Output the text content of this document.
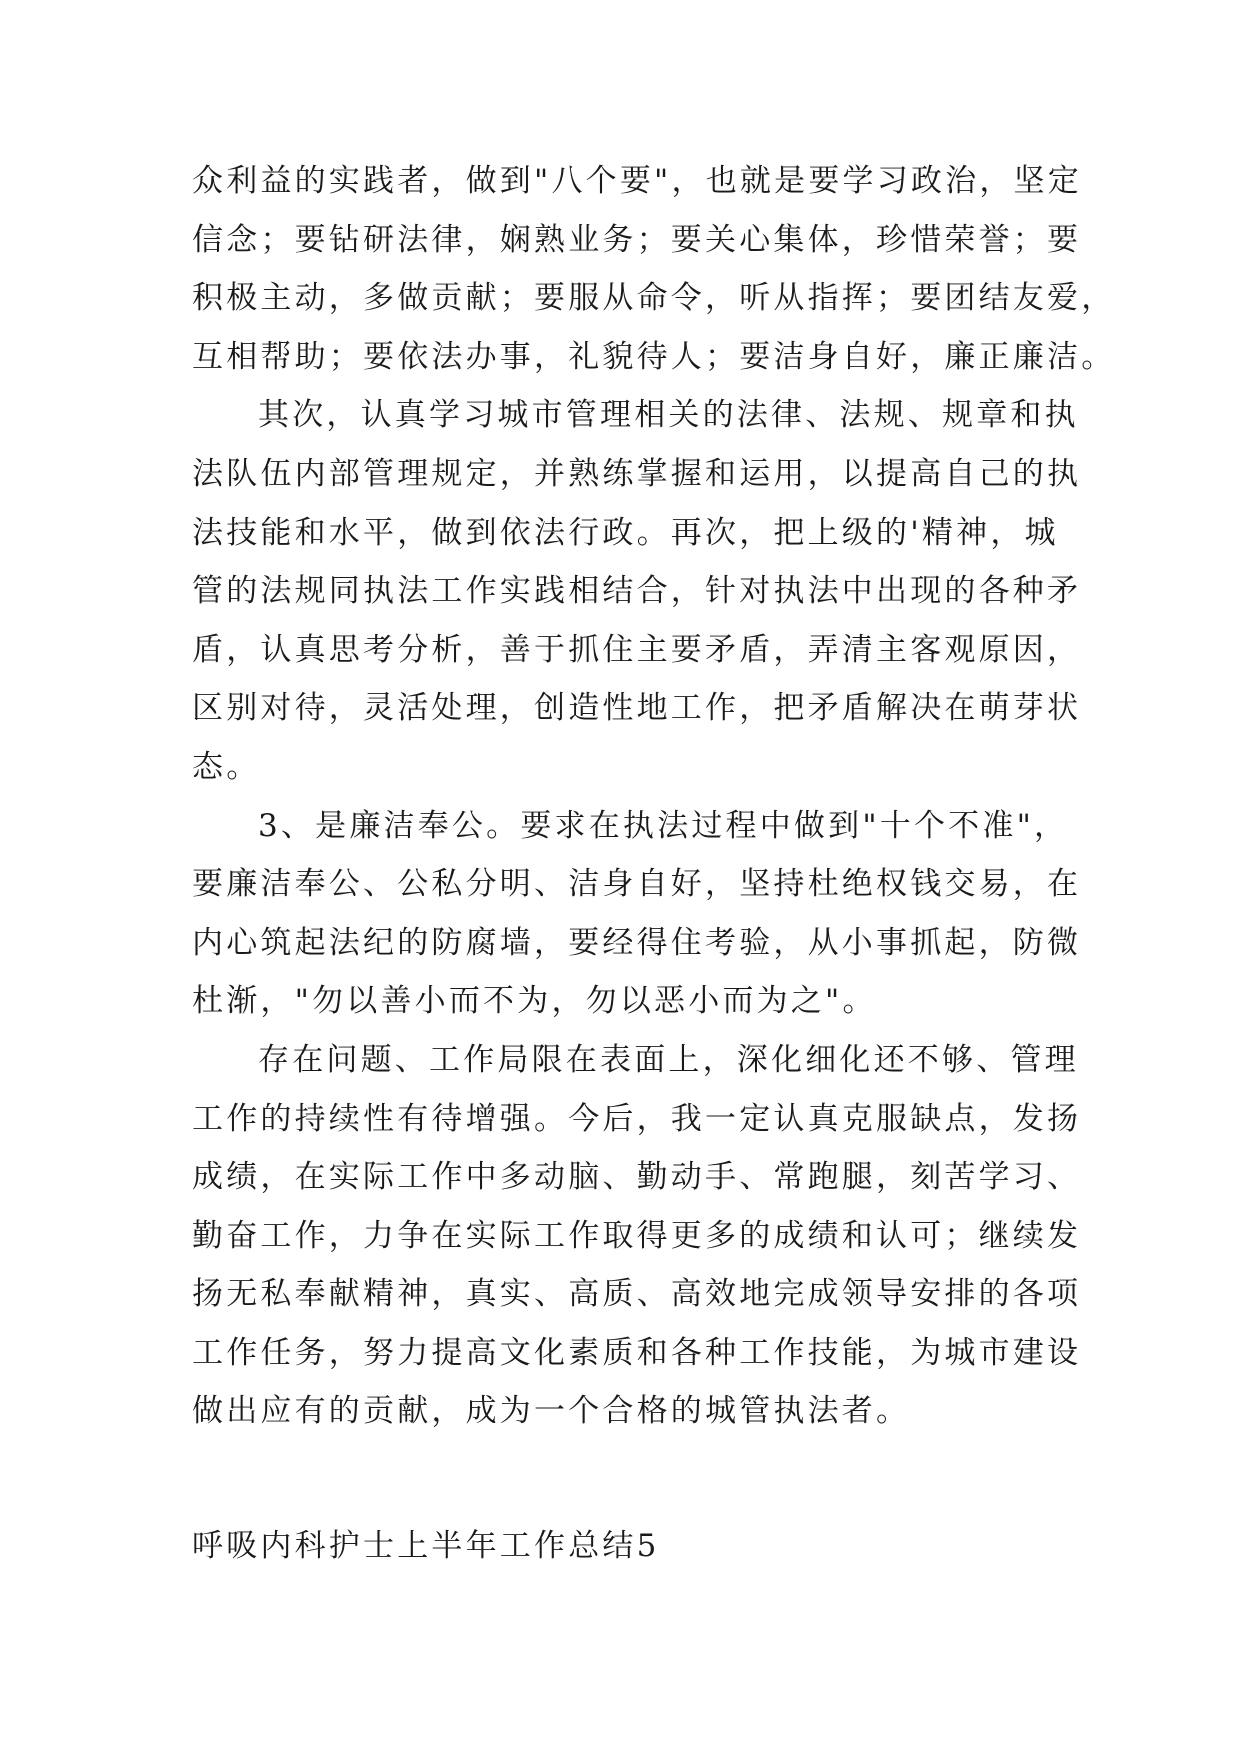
众利益的实践者，做到"八个要"，也就是要学习政治，坚定
信念；要钻研法律，娴熟业务；要关心集体，珍惜荣誉；要
积极主动，多做贡献；要服从命令，听从指挥；要团结友爱，
互相帮助；要依法办事，礼貌待人；要洁身自好，廉正廉洁。
其次，认真学习城市管理相关的法律、法规、规章和执
法队伍内部管理规定，并熟练掌握和运用，以提高自己的执
法技能和水平，做到依法行政。再次，把上级的'精神，城
管的法规同执法工作实践相结合，针对执法中出现的各种矛
盾，认真思考分析，善于抓住主要矛盾，弄清主客观原因，
区别对待，灵活处理，创造性地工作，把矛盾解决在萌芽状
态。
3、是廉洁奉公。要求在执法过程中做到"十个不准"，
要廉洁奉公、公私分明、洁身自好，坚持杜绝权钱交易，在
内心筑起法纪的防腐墙，要经得住考验，从小事抓起，防微
杜渐，"勿以善小而不为，勿以恶小而为之"。
存在问题、工作局限在表面上，深化细化还不够、管理
工作的持续性有待增强。今后，我一定认真克服缺点，发扬
成绩，在实际工作中多动脑、勤动手、常跑腿，刻苦学习、
勤奋工作，力争在实际工作取得更多的成绩和认可；继续发
扬无私奉献精神，真实、高质、高效地完成领导安排的各项
工作任务，努力提高文化素质和各种工作技能，为城市建设
做出应有的贡献，成为一个合格的城管执法者。
呼吸内科护士上半年工作总结5
